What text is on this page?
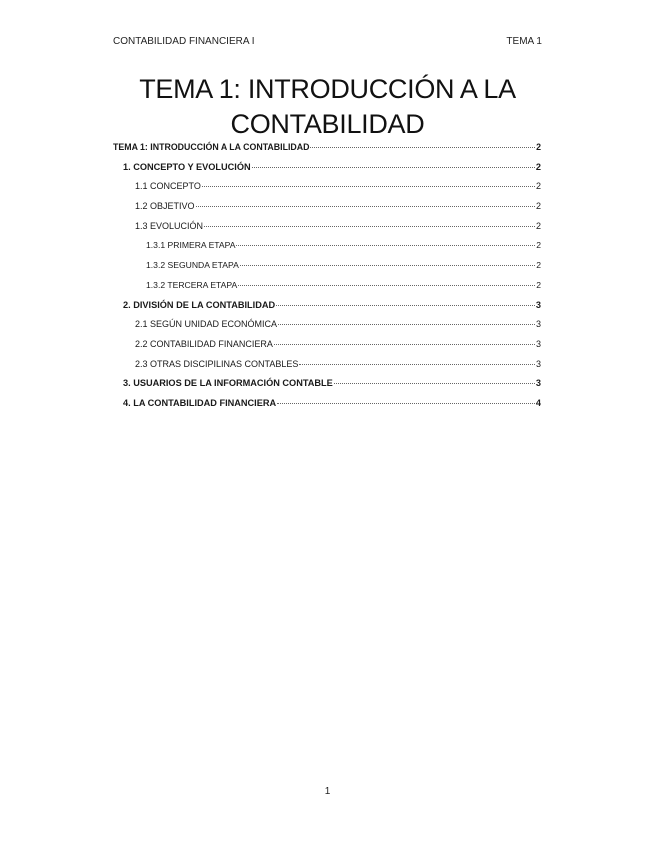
CONTABILIDAD FINANCIERA I	TEMA 1
TEMA 1: INTRODUCCIÓN A LA
CONTABILIDAD
TEMA 1: INTRODUCCIÓN A LA CONTABILIDAD	2
1. CONCEPTO Y EVOLUCIÓN	2
1.1 CONCEPTO	2
1.2 OBJETIVO	2
1.3 EVOLUCIÓN	2
1.3.1 PRIMERA ETAPA	2
1.3.2 SEGUNDA ETAPA	2
1.3.2 TERCERA ETAPA	2
2. DIVISIÓN DE LA CONTABILIDAD	3
2.1 SEGÚN UNIDAD ECONÓMICA	3
2.2 CONTABILIDAD FINANCIERA	3
2.3 OTRAS DISCIPILINAS CONTABLES	3
3. USUARIOS DE LA INFORMACIÓN CONTABLE	3
4. LA CONTABILIDAD FINANCIERA	4
1
